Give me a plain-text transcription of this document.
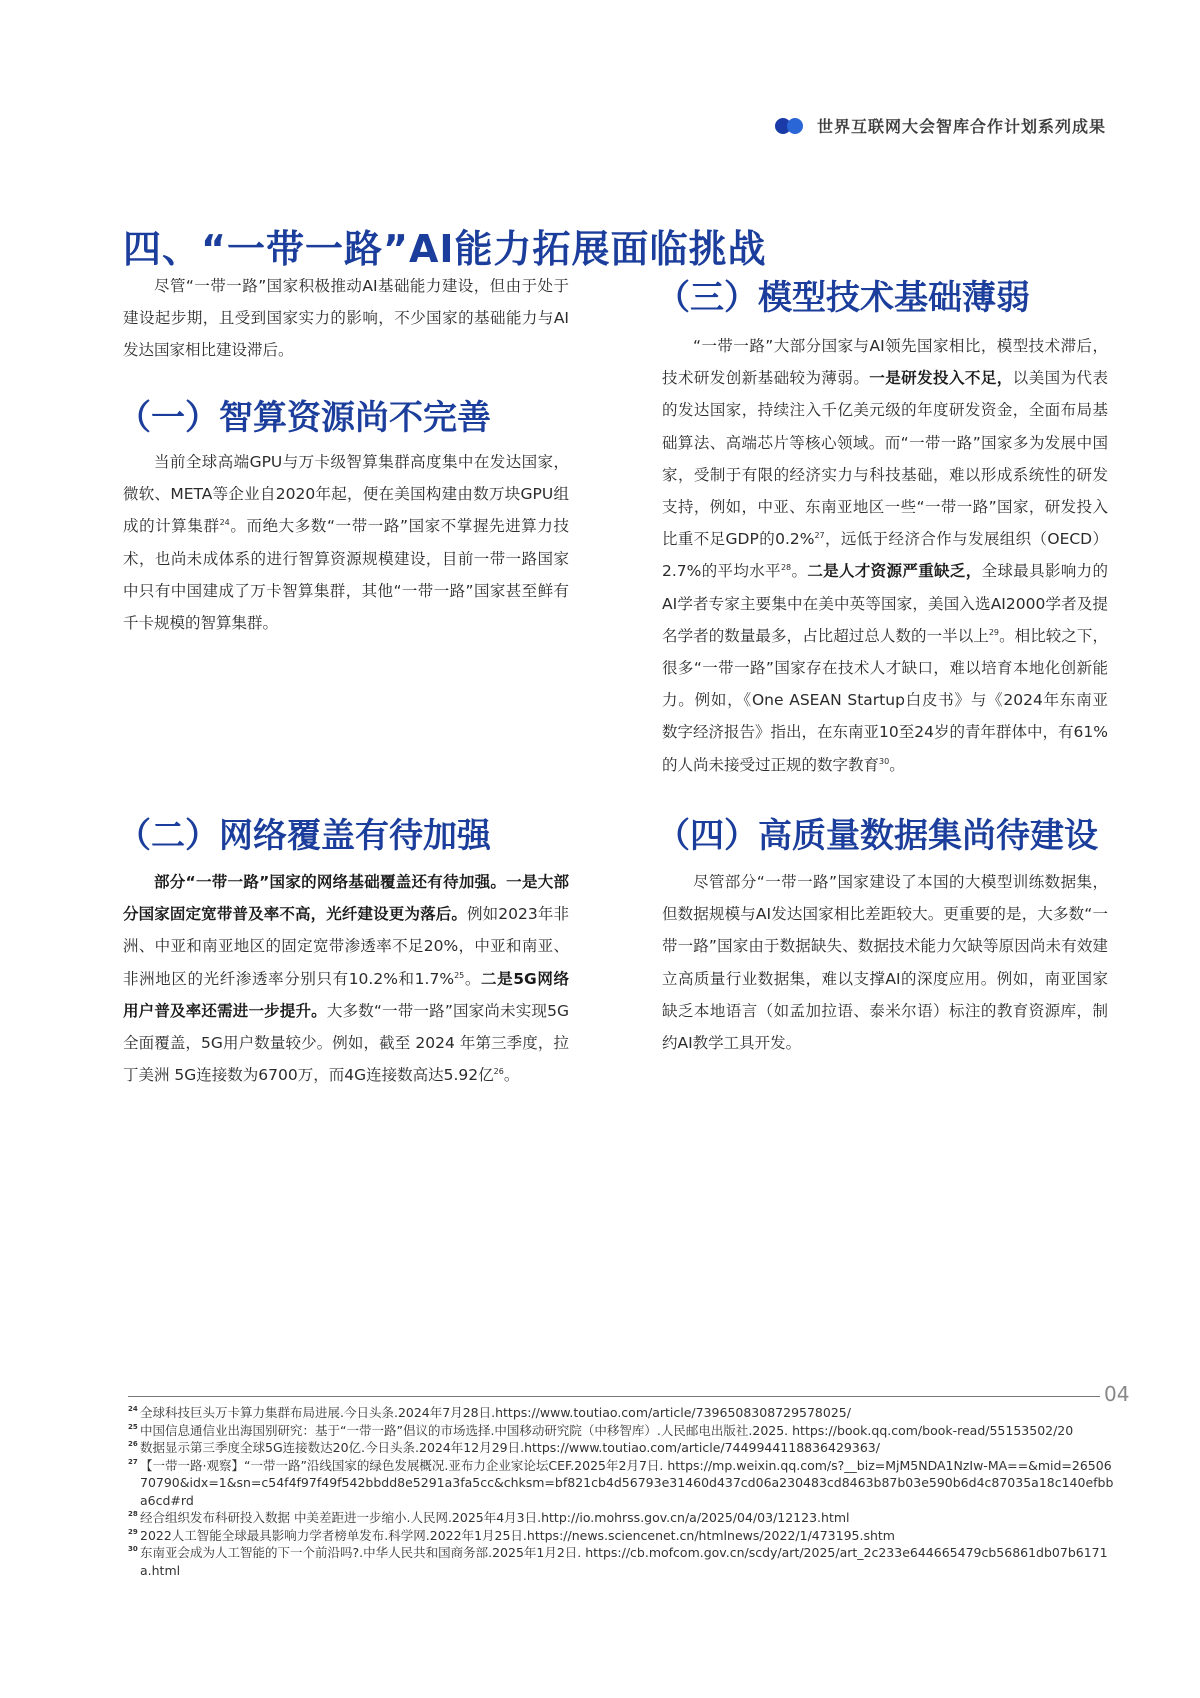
世界互联网大会智库合作计划系列成果
四、“一带一路”AI能力拓展面临挑战
尽管“一带一路”国家积极推动AI基础能力建设，但由于处于建设起步期，且受到国家实力的影响，不少国家的基础能力与AI发达国家相比建设滞后。
（一）智算资源尚不完善
当前全球高端GPU与万卡级智算集群高度集中在发达国家，微软、META等企业自2020年起，便在美国构建由数万块GPU组成的计算集群$^{24}$。而绝大多数“一带一路”国家不掌握先进算力技术，也尚未成体系的进行智算资源规模建设，目前一带一路国家中只有中国建成了万卡智算集群，其他“一带一路”国家甚至鲜有千卡规模的智算集群。
（二）网络覆盖有待加强
部分“一带一路”国家的网络基础覆盖还有待加强。一是大部分国家固定宽带普及率不高，光纤建设更为落后。例如2023年非洲、中亚和南亚地区的固定宽带渗透率不足20%，中亚和南亚、非洲地区的光纤渗透率分别只有10.2%和1.7%$^{25}$。二是5G网络用户普及率还需进一步提升。大多数“一带一路”国家尚未实现5G全面覆盖，5G用户数量较少。例如，截至 2024 年第三季度，拉丁美洲 5G连接数为6700万，而4G连接数高达5.92亿$^{26}$。
（三）模型技术基础薄弱
“一带一路”大部分国家与AI领先国家相比，模型技术滞后，技术研发创新基础较为薄弱。一是研发投入不足，以美国为代表的发达国家，持续注入千亿美元级的年度研发资金，全面布局基础算法、高端芯片等核心领域。而“一带一路”国家多为发展中国家，受制于有限的经济实力与科技基础，难以形成系统性的研发支持，例如，中亚、东南亚地区一些“一带一路”国家，研发投入比重不足GDP的0.2%$^{27}$，远低于经济合作与发展组织（OECD）2.7%的平均水平$^{28}$。二是人才资源严重缺乏，全球最具影响力的AI学者专家主要集中在美中英等国家，美国入选AI2000学者及提名学者的数量最多，占比超过总人数的一半以上$^{29}$。相比较之下，很多“一带一路”国家存在技术人才缺口，难以培育本地化创新能力。例如，《One ASEAN Startup白皮书》与《2024年东南亚数字经济报告》指出，在东南亚10至24岁的青年群体中，有61%的人尚未接受过正规的数字教育$^{30}$。
（四）高质量数据集尚待建设
尽管部分“一带一路”国家建设了本国的大模型训练数据集，但数据规模与AI发达国家相比差距较大。更重要的是，大多数“一带一路”国家由于数据缺失、数据技术能力欠缺等原因尚未有效建立高质量行业数据集，难以支撑AI的深度应用。例如，南亚国家缺乏本地语言（如孟加拉语、泰米尔语）标注的教育资源库，制约AI教学工具开发。
04
24 全球科技巨头万卡算力集群布局进展.今日头条.2024年7月28日.https://www.toutiao.com/article/7396508308729578025/
25 中国信息通信业出海国别研究：基于“一带一路”倡议的市场选择.中国移动研究院（中移智库）.人民邮电出版社.2025. https://book.qq.com/book-read/55153502/20
26 数据显示第三季度全球5G连接数达20亿.今日头条.2024年12月29日.https://www.toutiao.com/article/7449944118836429363/
27 【一带一路·观察】“一带一路”沿线国家的绿色发展概况.亚布力企业家论坛CEF.2025年2月7日. https://mp.weixin.qq.com/s?__biz=MjM5NDA1NzIw-MA==&mid=2650670790&idx=1&sn=c54f4f97f49f542bbdd8e5291a3fa5cc&chksm=bf821cb4d56793e31460d437cd06a230483cd8463b87b03e590b6d4c87035a18c140efbba6cd#rd
28 经合组织发布科研投入数据 中美差距进一步缩小.人民网.2025年4月3日.http://io.mohrss.gov.cn/a/2025/04/03/12123.html
29 2022人工智能全球最具影响力学者榜单发布.科学网.2022年1月25日.https://news.sciencenet.cn/htmlnews/2022/1/473195.shtm
30 东南亚会成为人工智能的下一个前沿吗?.中华人民共和国商务部.2025年1月2日. https://cb.mofcom.gov.cn/scdy/art/2025/art_2c233e644665479cb56861db07b6171a.html
